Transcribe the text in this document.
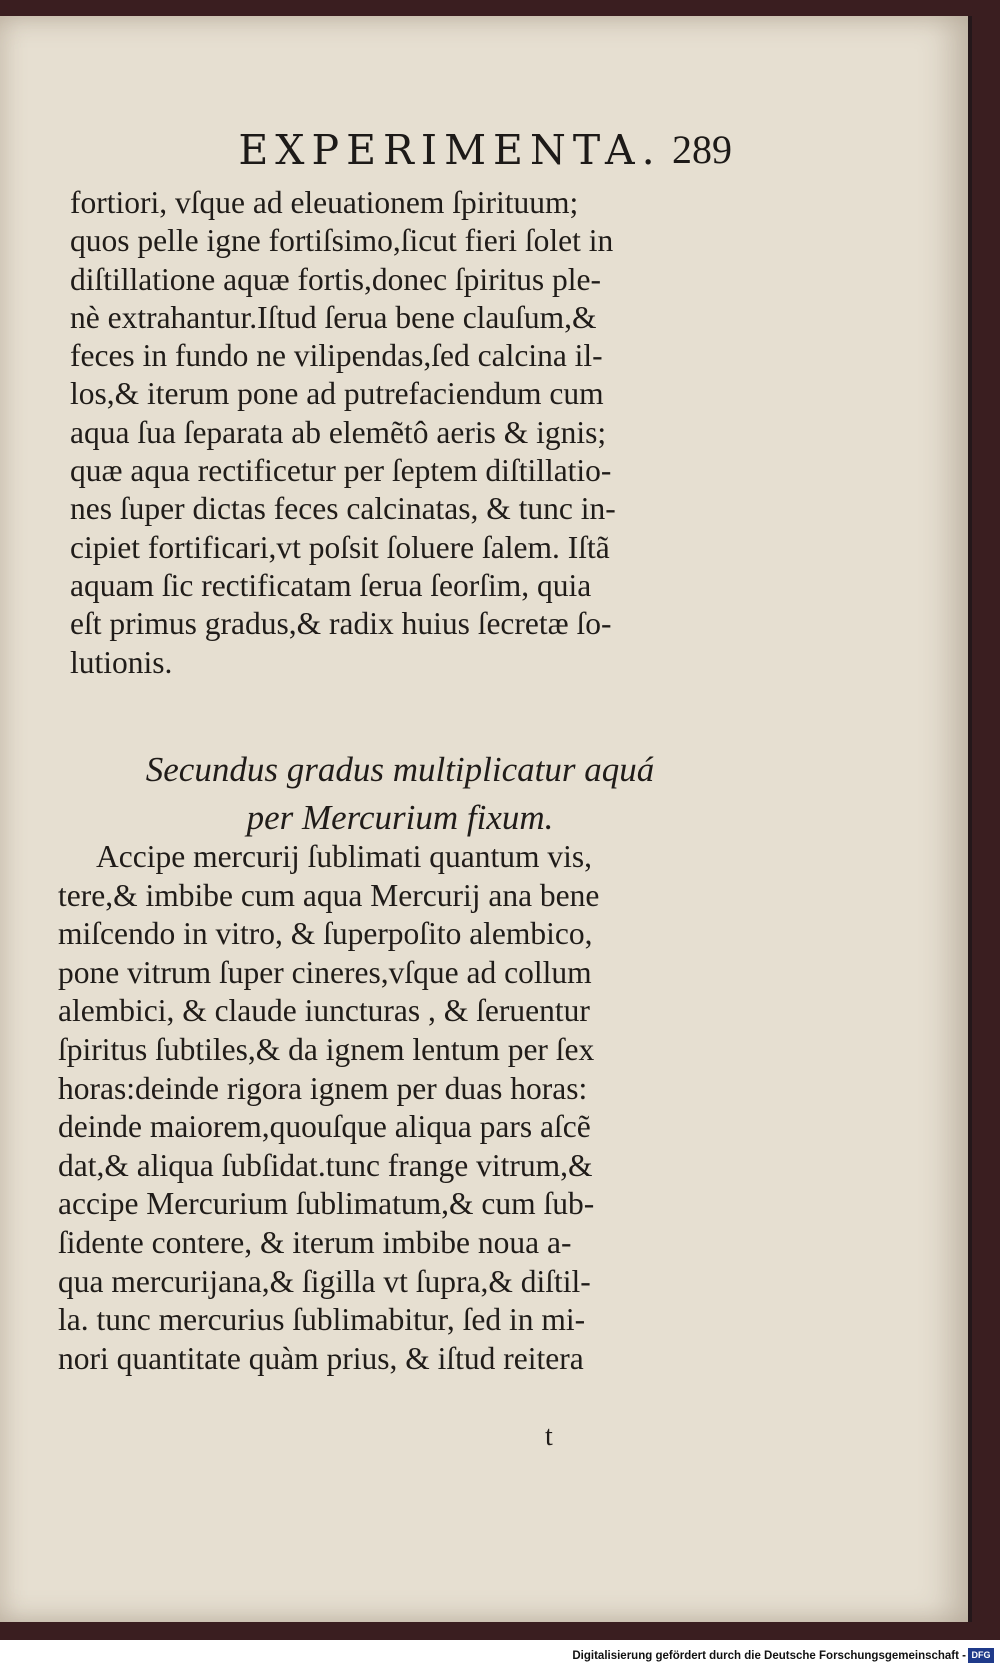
EXPERIMENTA. 289
fortiori, vſque ad eleuationem ſpirituum;
quos pelle igne fortiſsimo,ſicut fieri ſolet in
diſtillatione aquæ fortis,donec ſpiritus ple-
nè extrahantur.Iſtud ſerua bene clauſum,&
feces in fundo ne vilipendas,ſed calcina il-
los,& iterum pone ad putrefaciendum cum
aqua ſua ſeparata ab elemẽtô aeris & ignis;
quæ aqua rectificetur per ſeptem diſtillatio-
nes ſuper dictas feces calcinatas, & tunc in-
cipiet fortificari,vt poſsit ſoluere ſalem. Iſtã
aquam ſic rectificatam ſerua ſeorſim, quia
eſt primus gradus,& radix huius ſecretæ ſo-
lutionis.
Secundus gradus multiplicatur aquá
per Mercurium fixum.
Accipe mercurij ſublimati quantum vis,
tere,& imbibe cum aqua Mercurij ana bene
miſcendo in vitro, & ſuperpoſito alembico,
pone vitrum ſuper cineres,vſque ad collum
alembici, & claude iuncturas , & ſeruentur
ſpiritus ſubtiles,& da ignem lentum per ſex
horas:deinde rigora ignem per duas horas:
deinde maiorem,quouſque aliqua pars aſcẽ
dat,& aliqua ſubſidat.tunc frange vitrum,&
accipe Mercurium ſublimatum,& cum ſub-
ſidente contere, & iterum imbibe noua a-
qua mercurijana,& ſigilla vt ſupra,& diſtil-
la. tunc mercurius ſublimabitur, ſed in mi-
nori quantitate quàm prius, & iſtud reitera
t
Digitalisierung gefördert durch die Deutsche Forschungsgemeinschaft - DFG
